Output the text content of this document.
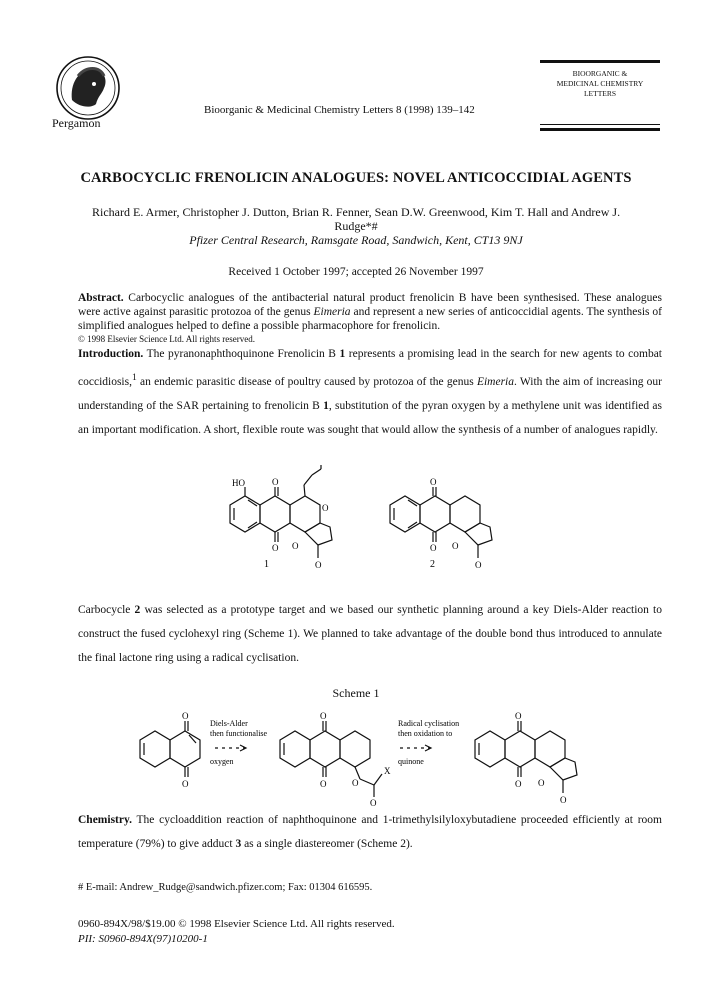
Pergamon
Bioorganic & Medicinal Chemistry Letters 8 (1998) 139–142
BIOORGANIC &
MEDICINAL CHEMISTRY
LETTERS
CARBOCYCLIC FRENOLICIN ANALOGUES: NOVEL ANTICOCCIDIAL AGENTS
Richard E. Armer, Christopher J. Dutton, Brian R. Fenner, Sean D.W. Greenwood, Kim T. Hall and Andrew J.
Rudge*#
Pfizer Central Research, Ramsgate Road, Sandwich, Kent, CT13 9NJ
Received 1 October 1997; accepted 26 November 1997
Abstract. Carbocyclic analogues of the antibacterial natural product frenolicin B have been synthesised. These analogues were active against parasitic protozoa of the genus Eimeria and represent a new series of anticoccidial agents. The synthesis of simplified analogues helped to define a possible pharmacophore for frenolicin.
© 1998 Elsevier Science Ltd. All rights reserved.
Introduction. The pyranonaphthoquinone Frenolicin B 1 represents a promising lead in the search for new agents to combat coccidiosis,$^1$ an endemic parasitic disease of poultry caused by protozoa of the genus Eimeria. With the aim of increasing our understanding of the SAR pertaining to frenolicin B 1, substitution of the pyran oxygen by a methylene unit was identified as an important modification. A short, flexible route was sought that would allow the synthesis of a number of analogues rapidly.
HO	O
O
O O
O
1
O
O O
O
2
Carbocycle 2 was selected as a prototype target and we based our synthetic planning around a key Diels-Alder reaction to construct the fused cyclohexyl ring (Scheme 1). We planned to take advantage of the double bond thus introduced to annulate the final lactone ring using a radical cyclisation.
Scheme 1
Diels-Alder
then functionalise
oxygen
Radical cyclisation
then oxidation to
quinone
O
O
O
O	O
O
X
O
O O
O
Chemistry. The cycloaddition reaction of naphthoquinone and 1-trimethylsilyloxybutadiene proceeded efficiently at room temperature (79%) to give adduct 3 as a single diastereomer (Scheme 2).
# E-mail: Andrew_Rudge@sandwich.pfizer.com; Fax: 01304 616595.
0960-894X/98/$19.00 © 1998 Elsevier Science Ltd. All rights reserved.
PII: S0960-894X(97)10200-1
